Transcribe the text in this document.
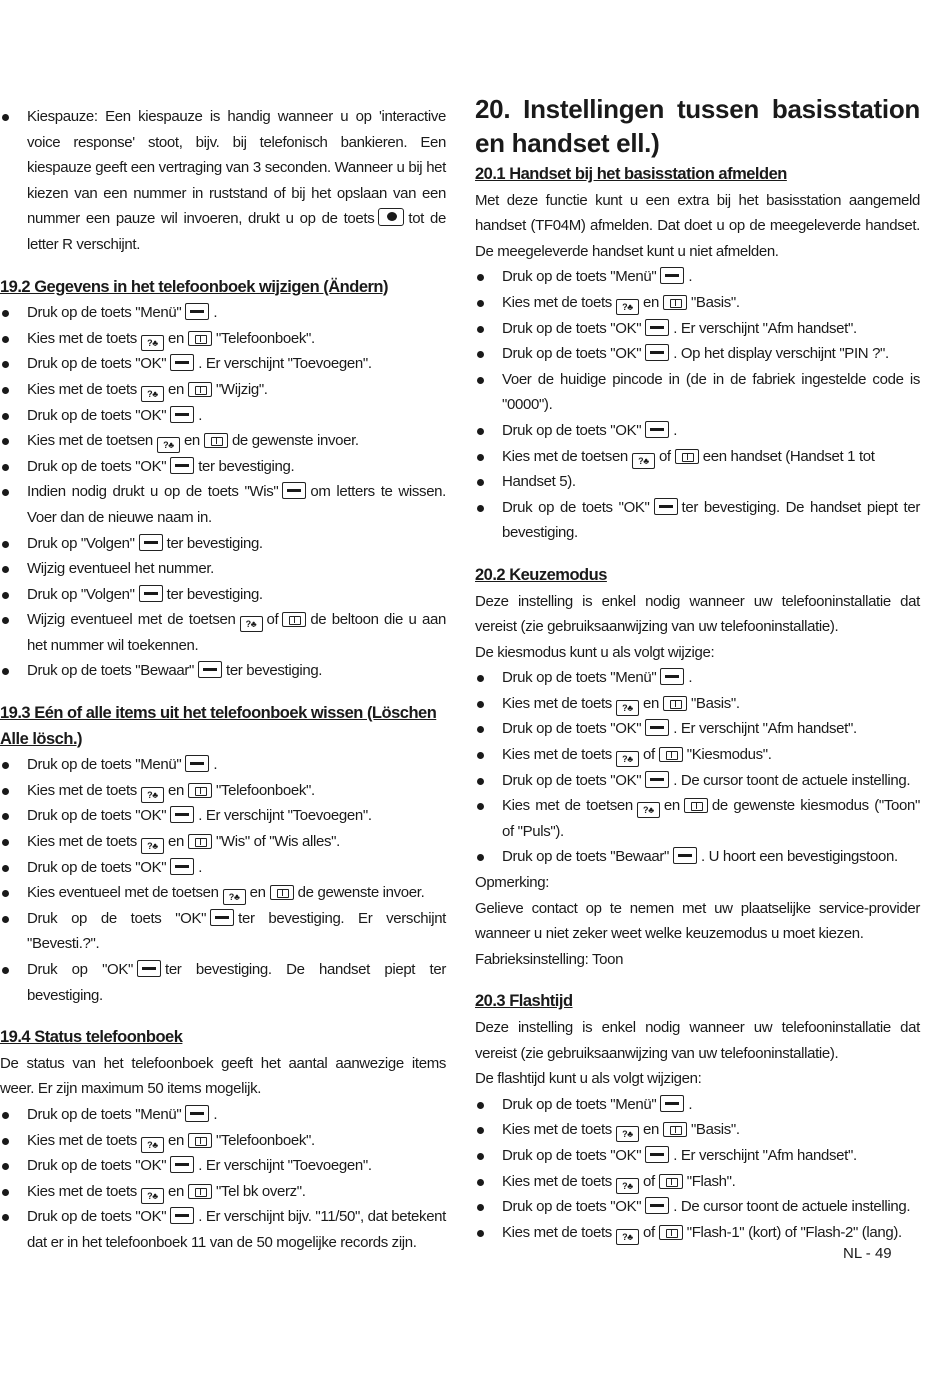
Kiespauze: Een kiespauze is handig wanneer u op 'interactive voice response' stoot, bijv. bij telefonisch bankieren. Een kiespauze geeft een vertraging van 3 seconden. Wanneer u bij het kiezen van een nummer in ruststand of bij het opslaan van een nummer een pauze wil invoeren, drukt u op de toets tot de letter R verschijnt.
19.2 Gegevens in het telefoonboek wijzigen (Ändern)
Druk op de toets "Menü" .
Kies met de toets ?♣ en "Telefoonboek".
Druk op de toets "OK" . Er verschijnt "Toevoegen".
Kies met de toets ?♣ en "Wijzig".
Druk op de toets "OK" .
Kies met de toetsen ?♣ en de gewenste invoer.
Druk op de toets "OK" ter bevestiging.
Indien nodig drukt u op de toets "Wis" om letters te wissen. Voer dan de nieuwe naam in.
Druk op "Volgen" ter bevestiging.
Wijzig eventueel het nummer.
Druk op "Volgen" ter bevestiging.
Wijzig eventueel met de toetsen ?♣ of de beltoon die u aan het nummer wil toekennen.
Druk op de toets "Bewaar" ter bevestiging.
19.3 Eén of alle items uit het telefoonboek wissen (Löschen Alle lösch.)
Druk op de toets "Menü" .
Kies met de toets ?♣ en "Telefoonboek".
Druk op de toets "OK" . Er verschijnt "Toevoegen".
Kies met de toets ?♣ en "Wis" of "Wis alles".
Druk op de toets "OK" .
Kies eventueel met de toetsen ?♣ en de gewenste invoer.
Druk op de toets "OK" ter bevestiging. Er verschijnt "Bevesti.?".
Druk op "OK" ter bevestiging. De handset piept ter bevestiging.
19.4 Status telefoonboek
De status van het telefoonboek geeft het aantal aanwezige items weer. Er zijn maximum 50 items mogelijk.
Druk op de toets "Menü" .
Kies met de toets ?♣ en "Telefoonboek".
Druk op de toets "OK" . Er verschijnt "Toevoegen".
Kies met de toets ?♣ en "Tel bk overz".
Druk op de toets "OK" . Er verschijnt bijv. "11/50", dat betekent dat er in het telefoonboek 11 van de 50 mogelijke records zijn.
20. Instellingen tussen basisstation en handset ell.)
20.1 Handset bij het basisstation afmelden
Met deze functie kunt u een extra bij het basisstation aangemeld handset (TF04M) afmelden. Dat doet u op de meegeleverde handset. De meegeleverde handset kunt u niet afmelden.
Druk op de toets "Menü" .
Kies met de toets ?♣ en "Basis".
Druk op de toets "OK" . Er verschijnt "Afm handset".
Druk op de toets "OK" . Op het display verschijnt "PIN ?".
Voer de huidige pincode in (de in de fabriek ingestelde code is "0000").
Druk op de toets "OK" .
Kies met de toetsen ?♣ of een handset (Handset 1 tot
Handset 5).
Druk op de toets "OK" ter bevestiging. De handset piept ter bevestiging.
20.2 Keuzemodus
Deze instelling is enkel nodig wanneer uw telefooninstallatie dat vereist (zie gebruiksaanwijzing van uw telefooninstallatie).
De kiesmodus kunt u als volgt wijzige:
Druk op de toets "Menü" .
Kies met de toets ?♣ en "Basis".
Druk op de toets "OK" . Er verschijnt "Afm handset".
Kies met de toets ?♣ of "Kiesmodus".
Druk op de toets "OK" . De cursor toont de actuele instelling.
Kies met de toetsen ?♣ en de gewenste kiesmodus ("Toon" of "Puls").
Druk op de toets "Bewaar" . U hoort een bevestigingstoon.
Opmerking:
Gelieve contact op te nemen met uw plaatselijke service-provider wanneer u niet zeker weet welke keuzemodus u moet kiezen.
Fabrieksinstelling: Toon
20.3 Flashtijd
Deze instelling is enkel nodig wanneer uw telefooninstallatie dat vereist (zie gebruiksaanwijzing van uw telefooninstallatie).
De flashtijd kunt u als volgt wijzigen:
Druk op de toets "Menü" .
Kies met de toets ?♣ en "Basis".
Druk op de toets "OK" . Er verschijnt "Afm handset".
Kies met de toets ?♣ of "Flash".
Druk op de toets "OK" . De cursor toont de actuele instelling.
Kies met de toets ?♣ of "Flash-1" (kort) of "Flash-2" (lang).
NL - 49
